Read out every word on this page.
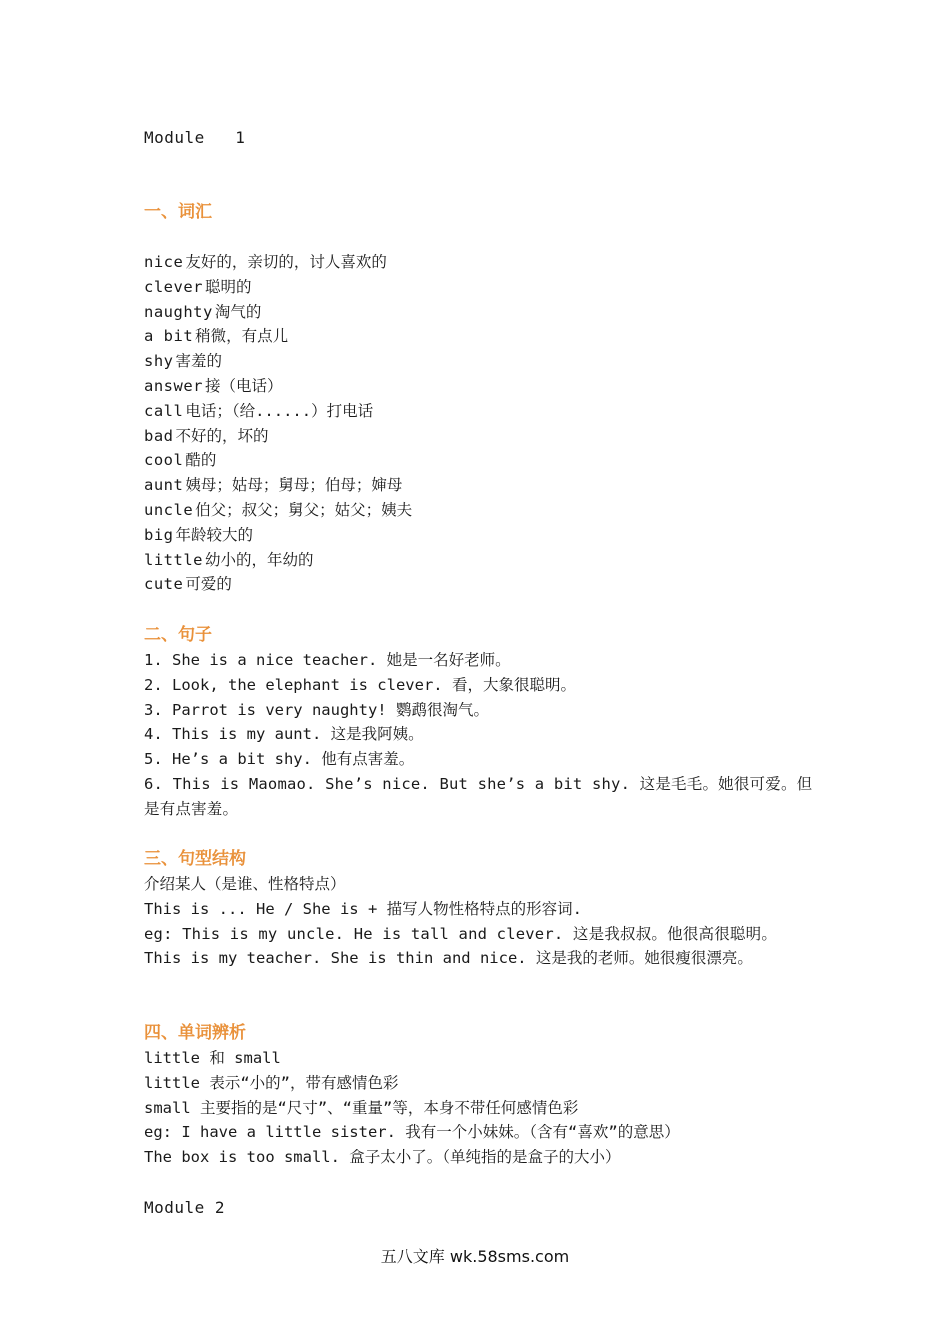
Module   1
一、词汇
nice 友好的，亲切的，讨人喜欢的
clever 聪明的
naughty 淘气的
a bit 稍微，有点儿
shy 害羞的
answer 接（电话）
call 电话；（给......）打电话
bad 不好的，坏的
cool 酷的
aunt 姨母；姑母；舅母；伯母；婶母
uncle 伯父；叔父；舅父；姑父；姨夫
big 年龄较大的
little 幼小的，年幼的
cute 可爱的
二、句子
1. She is a nice teacher. 她是一名好老师。
2. Look, the elephant is clever. 看，大象很聪明。
3. Parrot is very naughty! 鹦鹉很淘气。
4. This is my aunt. 这是我阿姨。
5. He’s a bit shy. 他有点害羞。
6. This is Maomao. She’s nice. But she’s a bit shy. 这是毛毛。她很可爱。但是有点害羞。
三、句型结构
介绍某人（是谁、性格特点）
This is ... He / She is + 描写人物性格特点的形容词.
eg: This is my uncle. He is tall and clever. 这是我叔叔。他很高很聪明。
This is my teacher. She is thin and nice. 这是我的老师。她很瘦很漂亮。
四、单词辨析
little 和 small
little 表示“小的”，带有感情色彩
small 主要指的是“尺寸”、“重量”等，本身不带任何感情色彩
eg: I have a little sister. 我有一个小妹妹。（含有“喜欢”的意思）
The box is too small. 盒子太小了。（单纯指的是盒子的大小）
Module 2
五八文库 wk.58sms.com
